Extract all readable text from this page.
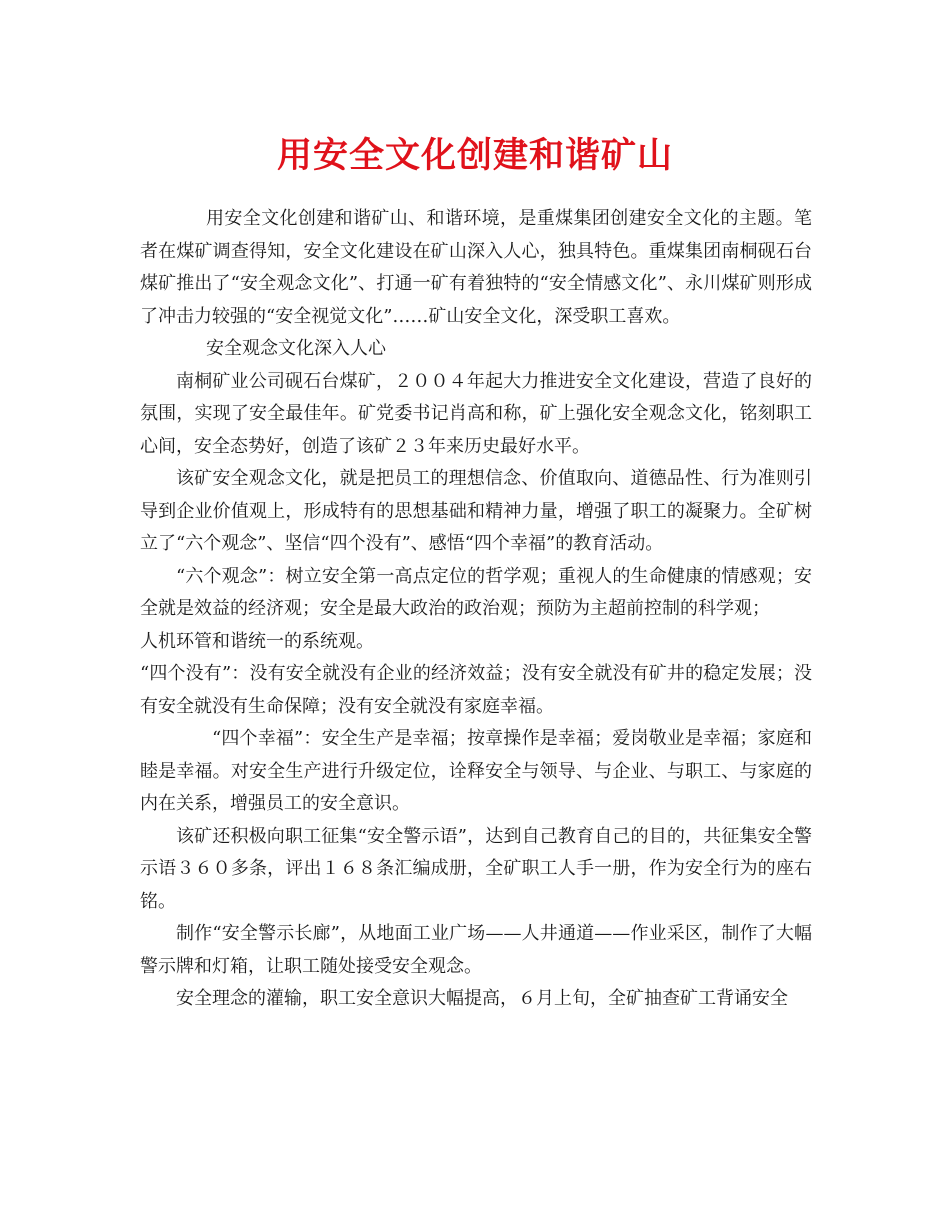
用安全文化创建和谐矿山

用安全文化创建和谐矿山、和谐环境，是重煤集团创建安全文化的主题。笔者在煤矿调查得知，安全文化建设在矿山深入人心，独具特色。重煤集团南桐砚石台煤矿推出了“安全观念文化”、打通一矿有着独特的“安全情感文化”、永川煤矿则形成了冲击力较强的“安全视觉文化”……矿山安全文化，深受职工喜欢。

安全观念文化深入人心

南桐矿业公司砚石台煤矿，２００４年起大力推进安全文化建设，营造了良好的氛围，实现了安全最佳年。矿党委书记肖高和称，矿上强化安全观念文化，铭刻职工心间，安全态势好，创造了该矿２３年来历史最好水平。

该矿安全观念文化，就是把员工的理想信念、价值取向、道德品性、行为准则引导到企业价值观上，形成特有的思想基础和精神力量，增强了职工的凝聚力。全矿树立了“六个观念”、坚信“四个没有”、感悟“四个幸福”的教育活动。

“六个观念”：树立安全第一高点定位的哲学观；重视人的生命健康的情感观；安全就是效益的经济观；安全是最大政治的政治观；预防为主超前控制的科学观；

人机环管和谐统一的系统观。

“四个没有”：没有安全就没有企业的经济效益；没有安全就没有矿井的稳定发展；没有安全就没有生命保障；没有安全就没有家庭幸福。

“四个幸福”：安全生产是幸福；按章操作是幸福；爱岗敬业是幸福；家庭和睦是幸福。对安全生产进行升级定位，诠释安全与领导、与企业、与职工、与家庭的内在关系，增强员工的安全意识。

该矿还积极向职工征集“安全警示语”，达到自己教育自己的目的，共征集安全警示语３６０多条，评出１６８条汇编成册，全矿职工人手一册，作为安全行为的座右铭。

制作“安全警示长廊”，从地面工业广场——人井通道——作业采区，制作了大幅警示牌和灯箱，让职工随处接受安全观念。

安全理念的灌输，职工安全意识大幅提高，６月上旬，全矿抽查矿工背诵安全
